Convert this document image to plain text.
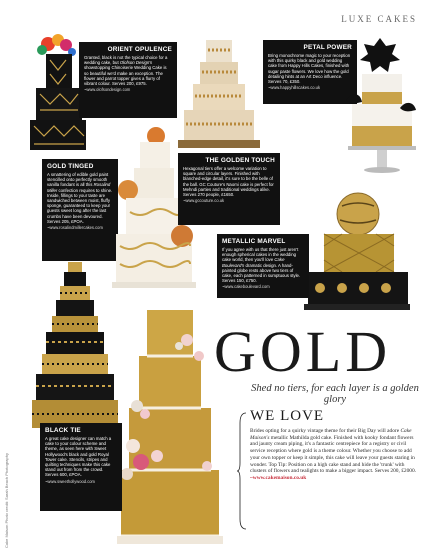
LUXE CAKES
ORIENT OPULENCE
Granted, black is not the typical choice for a wedding cake, but Olofson Design's showstopping Chinoiserie Wedding Cake is so beautiful we'd make an exception. The flower and parrot topper gives a flurry of vibrant colour. Serves 200, £975.
~www.olofsondesign.com
PETAL POWER
Bring monochrome magic to your reception with this quirky black and gold wedding cake from Happy Hills Cakes, finished with sugar paste flowers. We love how the gold detailing hints at an Art Deco influence. Serves 70, £350.
~www.happyhillscakes.co.uk
GOLD TINGED
A smattering of edible gold paint stencilled onto perfectly smooth vanilla fondant is all this Rosalind Miller confection requires to shine. Inside, fillings to your taste are sandwiched between moist, fluffy sponge, guaranteed to keep your guests sweet long after the last crumbs have been devoured. Serves 205, £POA.
~www.rosalindmillercakes.com
THE GOLDEN TOUCH
Hexagonal tiers offer a welcome variation to square and circular layers. Finished with blanched-edge detail, it's sure to be the belle of the ball. GC Couture's Naomi cake is perfect for Mehndi parties and traditional weddings alike. Serves 270 people, £1650.
~www.gccouture.co.uk
METALLIC MARVEL
If you agree with us that there just aren't enough spherical cakes in the wedding cake world, then you'll love Cake Boulevard's dramatic design. A hand-painted globe rests above two tiers of cake, each patterned in sumptuous style. Serves 150, £750.
~www.cakeboulevard.com
BLACK TIE
A great cake designer can match a cake to your colour scheme and theme, as seen here with Sweet Hollywood's black and gold Royal Tower cake. Stencils, stripes and quilting techniques make this cake stand out from from the crowd. Serves 600, £POA.
~www.sweethollywood.com
GOLD
Shed no tiers, for each layer is a golden glory
WE LOVE
Brides opting for a quirky vintage theme for their Big Day will adore Cake Maison's metallic Mathilda gold cake. Finished with kooky fondant flowers and jaunty cream piping, it's a fantastic centrepiece for a registry or civil service reception where gold is a theme colour. Whether you choose to add your own topper or keep it simple, this cake will leave your guests staring in wonder. Top Tip: Position on a high cake stand and hide the 'trunk' with clusters of flowers and tealights to make a bigger impact. Serves 200, £2000.
~www.cakemaison.co.uk
Cake Maison Photo credit: Sarah Beach Photography
